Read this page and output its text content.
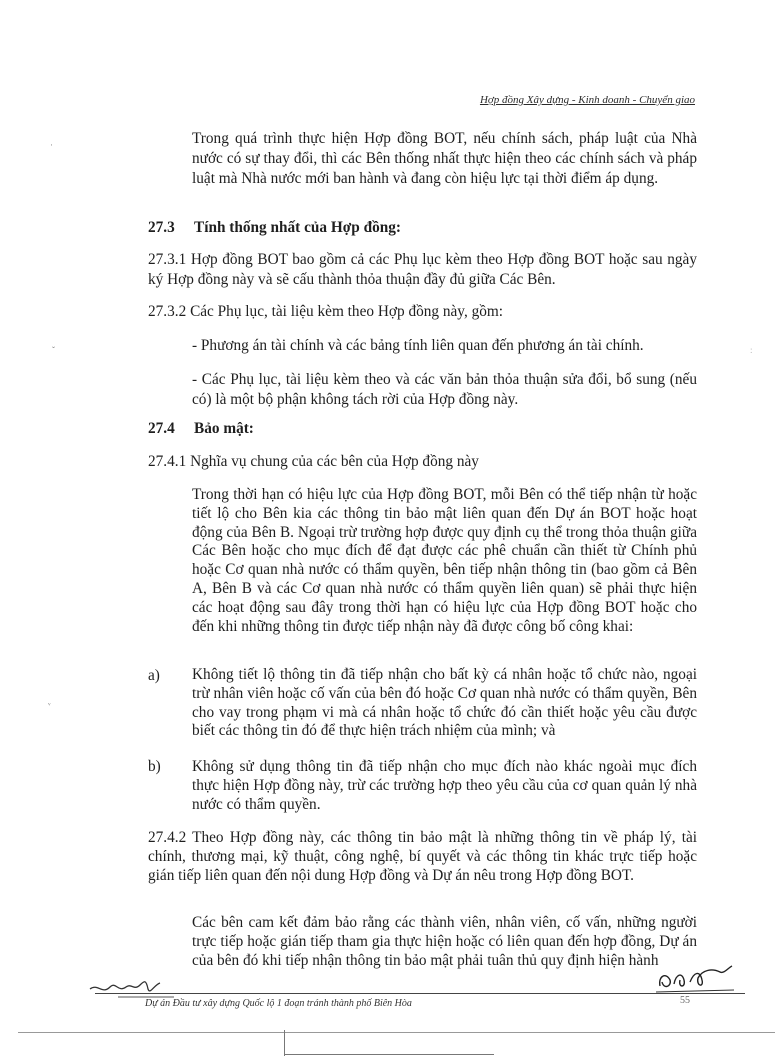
Hợp đồng Xây dựng - Kinh doanh - Chuyển giao

Trong quá trình thực hiện Hợp đồng BOT, nếu chính sách, pháp luật của Nhà nước có sự thay đổi, thì các Bên thống nhất thực hiện theo các chính sách và pháp luật mà Nhà nước mới ban hành và đang còn hiệu lực tại thời điểm áp dụng.

27.3 Tính thống nhất của Hợp đồng:

27.3.1 Hợp đồng BOT bao gồm cả các Phụ lục kèm theo Hợp đồng BOT hoặc sau ngày ký Hợp đồng này và sẽ cấu thành thỏa thuận đầy đủ giữa Các Bên.

27.3.2 Các Phụ lục, tài liệu kèm theo Hợp đồng này, gồm:

- Phương án tài chính và các bảng tính liên quan đến phương án tài chính.

- Các Phụ lục, tài liệu kèm theo và các văn bản thỏa thuận sửa đổi, bổ sung (nếu có) là một bộ phận không tách rời của Hợp đồng này.

27.4 Bảo mật:

27.4.1 Nghĩa vụ chung của các bên của Hợp đồng này

Trong thời hạn có hiệu lực của Hợp đồng BOT, mỗi Bên có thể tiếp nhận từ hoặc tiết lộ cho Bên kia các thông tin bảo mật liên quan đến Dự án BOT hoặc hoạt động của Bên B. Ngoại trừ trường hợp được quy định cụ thể trong thỏa thuận giữa Các Bên hoặc cho mục đích để đạt được các phê chuẩn cần thiết từ Chính phủ hoặc Cơ quan nhà nước có thẩm quyền, bên tiếp nhận thông tin (bao gồm cả Bên A, Bên B và các Cơ quan nhà nước có thẩm quyền liên quan) sẽ phải thực hiện các hoạt động sau đây trong thời hạn có hiệu lực của Hợp đồng BOT hoặc cho đến khi những thông tin được tiếp nhận này đã được công bố công khai:

a) Không tiết lộ thông tin đã tiếp nhận cho bất kỳ cá nhân hoặc tổ chức nào, ngoại trừ nhân viên hoặc cố vấn của bên đó hoặc Cơ quan nhà nước có thẩm quyền, Bên cho vay trong phạm vi mà cá nhân hoặc tổ chức đó cần thiết hoặc yêu cầu được biết các thông tin đó để thực hiện trách nhiệm của mình; và

b) Không sử dụng thông tin đã tiếp nhận cho mục đích nào khác ngoài mục đích thực hiện Hợp đồng này, trừ các trường hợp theo yêu cầu của cơ quan quản lý nhà nước có thẩm quyền.

27.4.2 Theo Hợp đồng này, các thông tin bảo mật là những thông tin về pháp lý, tài chính, thương mại, kỹ thuật, công nghệ, bí quyết và các thông tin khác trực tiếp hoặc gián tiếp liên quan đến nội dung Hợp đồng và Dự án nêu trong Hợp đồng BOT.

Các bên cam kết đảm bảo rằng các thành viên, nhân viên, cố vấn, những người trực tiếp hoặc gián tiếp tham gia thực hiện hoặc có liên quan đến hợp đồng, Dự án của bên đó khi tiếp nhận thông tin bảo mật phải tuân thủ quy định hiện hành

·
ˇ
ᵛ
:
Dự án Đầu tư xây dựng Quốc lộ 1 đoạn tránh thành phố Biên Hòa	55
